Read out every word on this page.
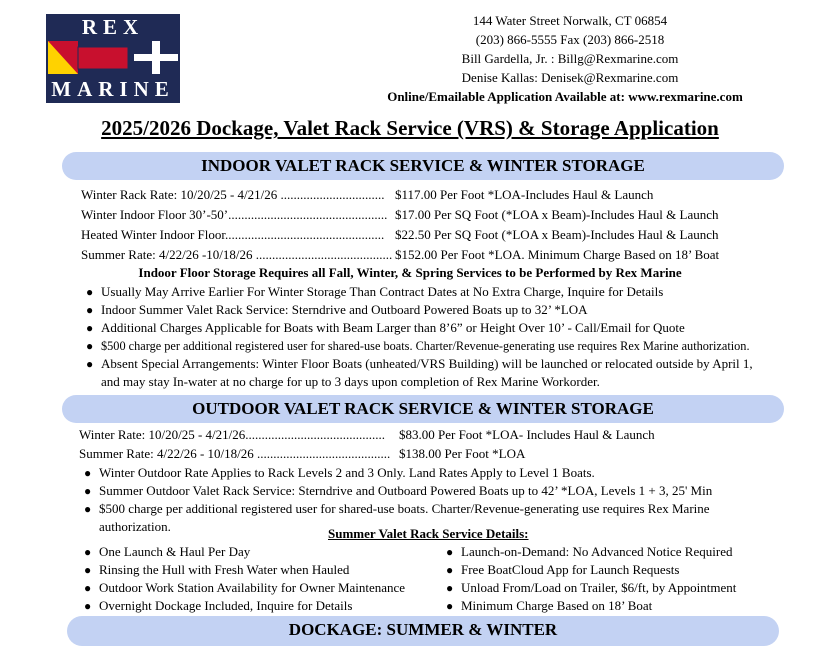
REX
MARINE
144 Water Street Norwalk, CT 06854
(203) 866-5555 Fax (203) 866-2518
Bill Gardella, Jr. : Billg@Rexmarine.com
Denise Kallas: Denisek@Rexmarine.com
Online/Emailable Application Available at: www.rexmarine.com
2025/2026 Dockage, Valet Rack Service (VRS) & Storage Application
INDOOR VALET RACK SERVICE & WINTER STORAGE
Winter Rack Rate: 10/20/25 - 4/21/26 ................................ $117.00 Per Foot *LOA-Includes Haul & Launch
Winter Indoor Floor 30’-50’................................................. $17.00 Per SQ Foot (*LOA x Beam)-Includes Haul & Launch
Heated Winter Indoor Floor................................................. $22.50 Per SQ Foot (*LOA x Beam)-Includes Haul & Launch
Summer Rate: 4/22/26 -10/18/26 .......................................... $152.00 Per Foot *LOA. Minimum Charge Based on 18’ Boat
Indoor Floor Storage Requires all Fall, Winter, & Spring Services to be Performed by Rex Marine
● Usually May Arrive Earlier For Winter Storage Than Contract Dates at No Extra Charge, Inquire for Details
● Indoor Summer Valet Rack Service: Sterndrive and Outboard Powered Boats up to 32’ *LOA
● Additional Charges Applicable for Boats with Beam Larger than 8’6” or Height Over 10’ - Call/Email for Quote
● $500 charge per additional registered user for shared-use boats. Charter/Revenue-generating use requires Rex Marine authorization.
● Absent Special Arrangements: Winter Floor Boats (unheated/VRS Building) will be launched or relocated outside by April 1,
and may stay In-water at no charge for up to 3 days upon completion of Rex Marine Workorder.
OUTDOOR VALET RACK SERVICE & WINTER STORAGE
Winter Rate: 10/20/25 - 4/21/26........................................... $83.00 Per Foot *LOA- Includes Haul & Launch
Summer Rate: 4/22/26 - 10/18/26 ......................................... $138.00 Per Foot *LOA
● Winter Outdoor Rate Applies to Rack Levels 2 and 3 Only. Land Rates Apply to Level 1 Boats.
● Summer Outdoor Valet Rack Service: Sterndrive and Outboard Powered Boats up to 42’ *LOA, Levels 1 + 3, 25' Min
● $500 charge per additional registered user for shared-use boats. Charter/Revenue-generating use requires Rex Marine
authorization.	Summer Valet Rack Service Details:
● One Launch & Haul Per Day
● Rinsing the Hull with Fresh Water when Hauled
● Outdoor Work Station Availability for Owner Maintenance
● Overnight Dockage Included, Inquire for Details
● Launch-on-Demand: No Advanced Notice Required
● Free BoatCloud App for Launch Requests
● Unload From/Load on Trailer, $6/ft, by Appointment
● Minimum Charge Based on 18’ Boat
DOCKAGE: SUMMER & WINTER
